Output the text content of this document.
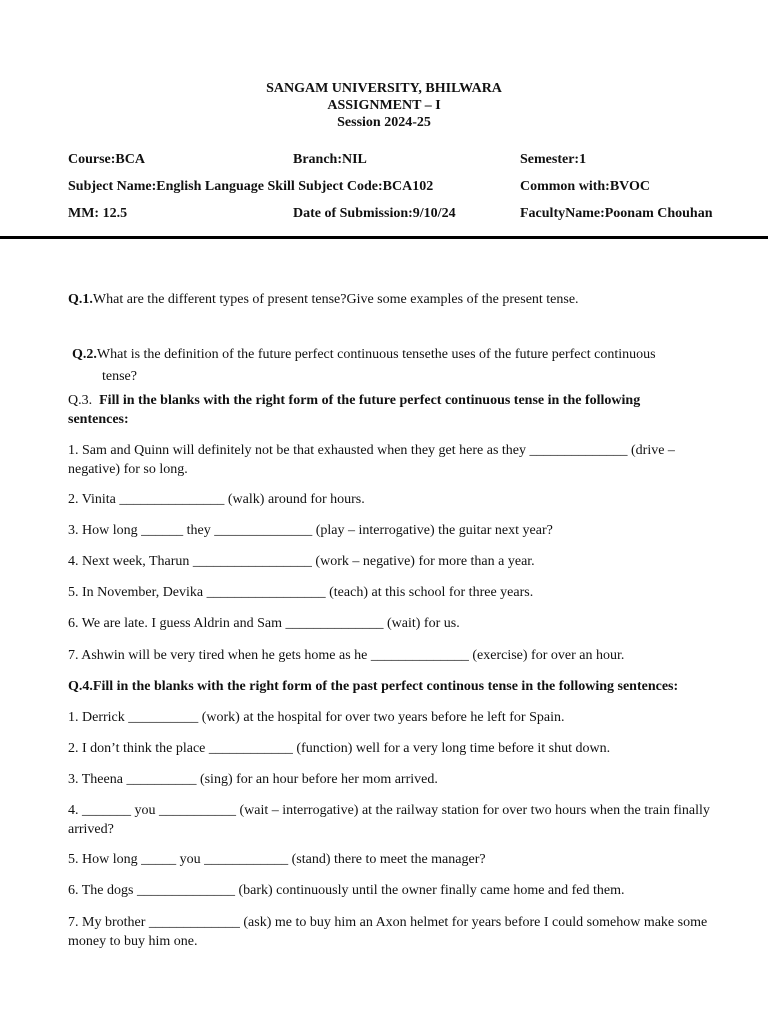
SANGAM UNIVERSITY, BHILWARA
ASSIGNMENT – I
Session 2024-25
Course:BCA	Branch:NIL	Semester:1
Subject Name:English Language Skill Subject Code:BCA102	Common with:BVOC
MM: 12.5	Date of Submission:9/10/24	FacultyName:Poonam Chouhan
Q.1.What are the different types of present tense?Give some examples of the present tense.
Q.2.What is the definition of the future perfect continuous tensethe uses of the future perfect continuous
tense?
Q.3. Fill in the blanks with the right form of the future perfect continuous tense in the following
sentences:
1. Sam and Quinn will definitely not be that exhausted when they get here as they ______________ (drive – negative) for so long.
2. Vinita _______________ (walk) around for hours.
3. How long ______ they ______________ (play – interrogative) the guitar next year?
4. Next week, Tharun _________________ (work – negative) for more than a year.
5. In November, Devika _________________ (teach) at this school for three years.
6. We are late. I guess Aldrin and Sam ______________ (wait) for us.
7. Ashwin will be very tired when he gets home as he ______________ (exercise) for over an hour.
Q.4.Fill in the blanks with the right form of the past perfect continous tense in the following sentences:
1. Derrick __________ (work) at the hospital for over two years before he left for Spain.
2. I don’t think the place ____________ (function) well for a very long time before it shut down.
3. Theena __________ (sing) for an hour before her mom arrived.
4. _______ you ___________ (wait – interrogative) at the railway station for over two hours when the train finally arrived?
5. How long _____ you ____________ (stand) there to meet the manager?
6. The dogs ______________ (bark) continuously until the owner finally came home and fed them.
7. My brother _____________ (ask) me to buy him an Axon helmet for years before I could somehow make some money to buy him one.
